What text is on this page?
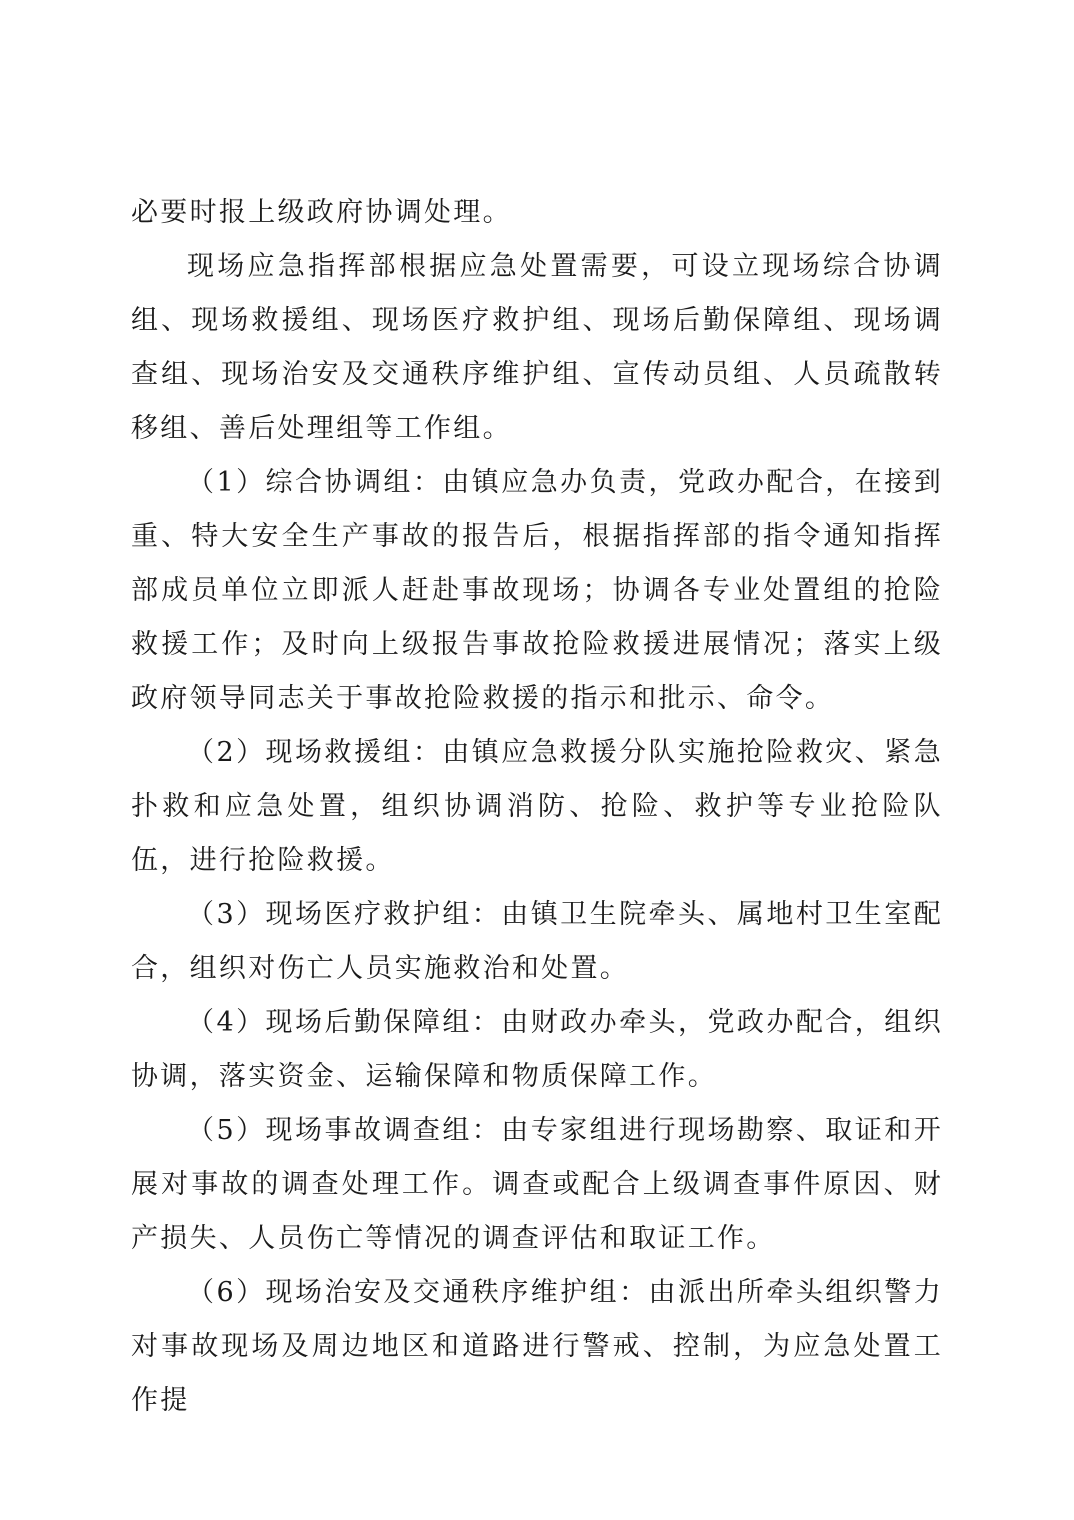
必要时报上级政府协调处理。

现场应急指挥部根据应急处置需要，可设立现场综合协调组、现场救援组、现场医疗救护组、现场后勤保障组、现场调查组、现场治安及交通秩序维护组、宣传动员组、人员疏散转移组、善后处理组等工作组。

（1）综合协调组：由镇应急办负责，党政办配合，在接到重、特大安全生产事故的报告后，根据指挥部的指令通知指挥部成员单位立即派人赶赴事故现场；协调各专业处置组的抢险救援工作；及时向上级报告事故抢险救援进展情况；落实上级政府领导同志关于事故抢险救援的指示和批示、命令。

（2）现场救援组：由镇应急救援分队实施抢险救灾、紧急扑救和应急处置，组织协调消防、抢险、救护等专业抢险队伍，进行抢险救援。

（3）现场医疗救护组：由镇卫生院牵头、属地村卫生室配合，组织对伤亡人员实施救治和处置。

（4）现场后勤保障组：由财政办牵头，党政办配合，组织协调，落实资金、运输保障和物质保障工作。

（5）现场事故调查组：由专家组进行现场勘察、取证和开展对事故的调查处理工作。调查或配合上级调查事件原因、财产损失、人员伤亡等情况的调查评估和取证工作。

（6）现场治安及交通秩序维护组：由派出所牵头组织警力对事故现场及周边地区和道路进行警戒、控制，为应急处置工作提
